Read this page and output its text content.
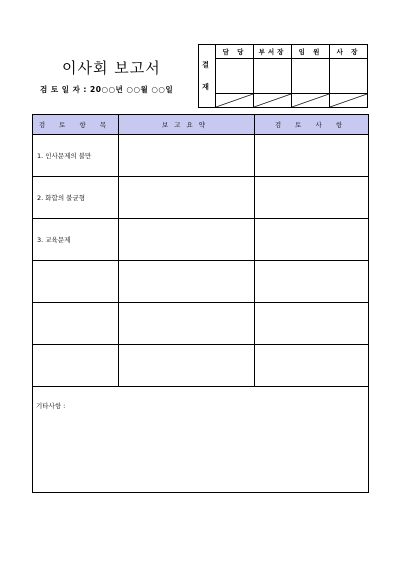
이사회 보고서
검 토 일 자 : 20○○년 ○○월 ○○일
결
재	담 당	부서장	임 원	사 장

검 토 항 목	보고요약	검 토 사 항
1. 인사문제의 불만		
2. 화합의 불균형		
3. 교육문제		

기타사항 :		
